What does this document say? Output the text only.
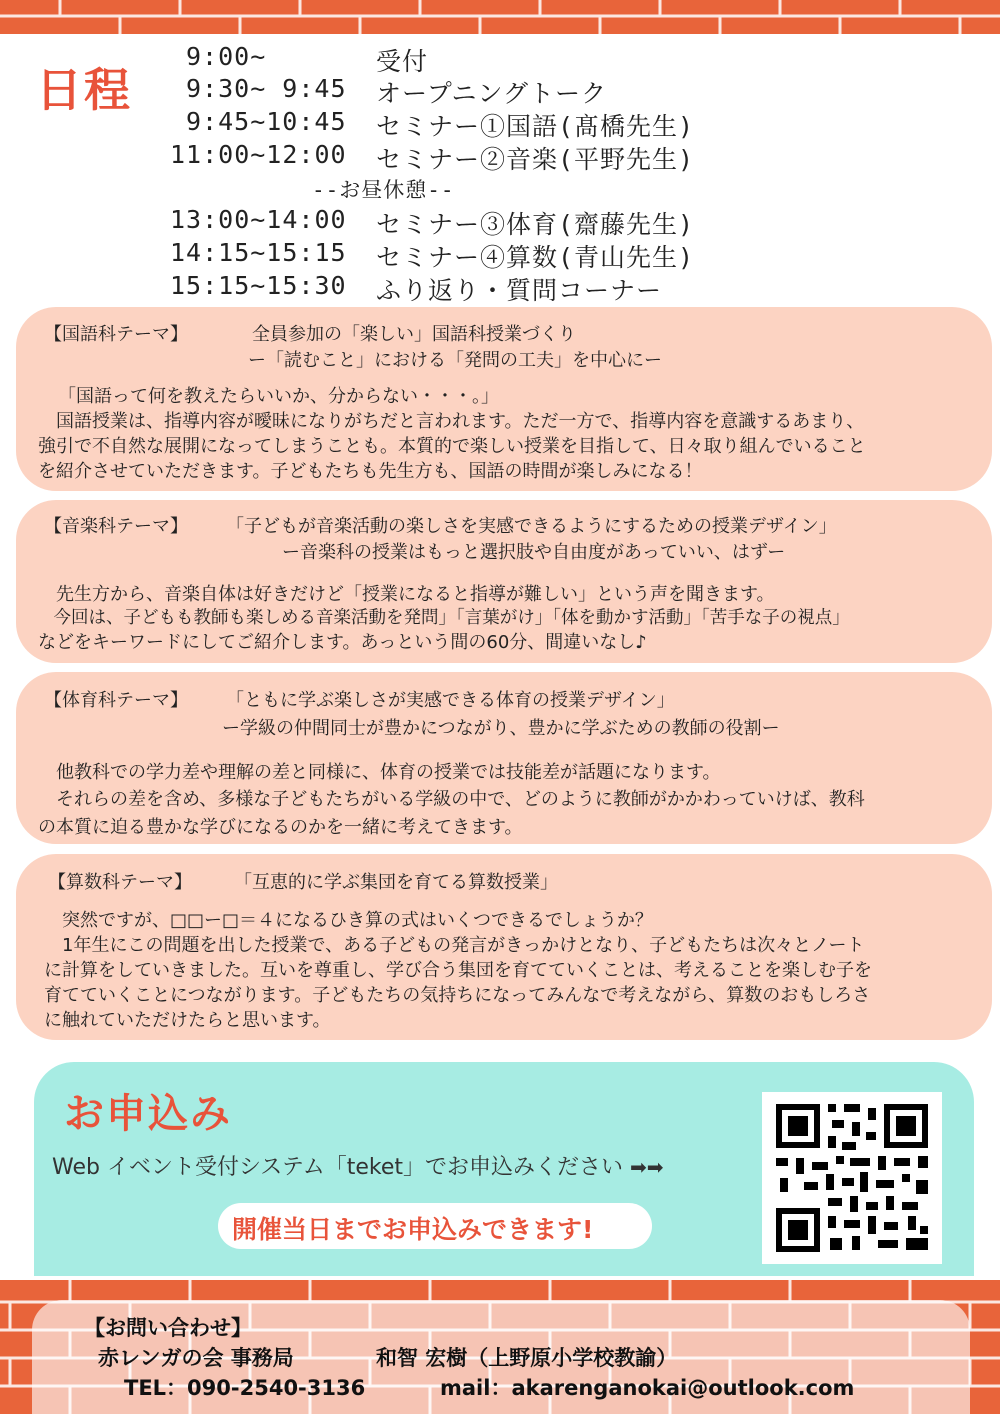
日程
9:00~	受付
9:30~ 9:45 オープニングトーク
9:45~10:45 セミナー①国語(髙橋先生)
11:00~12:00 セミナー②音楽(平野先生)
--お昼休憩--
13:00~14:00 セミナー③体育(齋藤先生)
14:15~15:15 セミナー④算数(青山先生)
15:15~15:30 ふり返り・質問コーナー
【国語科テーマ】	全員参加の「楽しい」国語科授業づくり
ー「読むこと」における「発問の工夫」を中心にー
「国語って何を教えたらいいか、分からない・・・。」
　国語授業は、指導内容が曖昧になりがちだと言われます。ただ一方で、指導内容を意識するあまり、
強引で不自然な展開になってしまうことも。本質的で楽しい授業を目指して、日々取り組んでいること
を紹介させていただきます。子どもたちも先生方も、国語の時間が楽しみになる！
【音楽科テーマ】 「子どもが音楽活動の楽しさを実感できるようにするための授業デザイン」
ー音楽科の授業はもっと選択肢や自由度があっていい、はずー
　先生方から、音楽自体は好きだけど「授業になると指導が難しい」という声を聞きます。
　今回は、子どもも教師も楽しめる音楽活動を発問」「言葉がけ」「体を動かす活動」「苦手な子の視点」
などをキーワードにしてご紹介します。あっという間の60分、間違いなし♪
【体育科テーマ】 「ともに学ぶ楽しさが実感できる体育の授業デザイン」
ー学級の仲間同士が豊かにつながり、豊かに学ぶための教師の役割ー
　他教科での学力差や理解の差と同様に、体育の授業では技能差が話題になります。
　それらの差を含め、多様な子どもたちがいる学級の中で、どのように教師がかかわっていけば、教科
の本質に迫る豊かな学びになるのかを一緒に考えてきます。
【算数科テーマ】 「互恵的に学ぶ集団を育てる算数授業」
　突然ですが、□□ー□＝４になるひき算の式はいくつできるでしょうか？
　1年生にこの問題を出した授業で、ある子どもの発言がきっかけとなり、子どもたちは次々とノート
に計算をしていきました。互いを尊重し、学び合う集団を育てていくことは、考えることを楽しむ子を
育てていくことにつながります。子どもたちの気持ちになってみんなで考えながら、算数のおもしろさ
に触れていただけたらと思います。
お申込み
Web イベント受付システム「teket」でお申込みください ➡➡
開催当日までお申込みできます!
【お問い合わせ】
赤レンガの会 事務局	和智 宏樹（上野原小学校教諭）
TEL：090-2540-3136	mail：akarenganokai@outlook.com
